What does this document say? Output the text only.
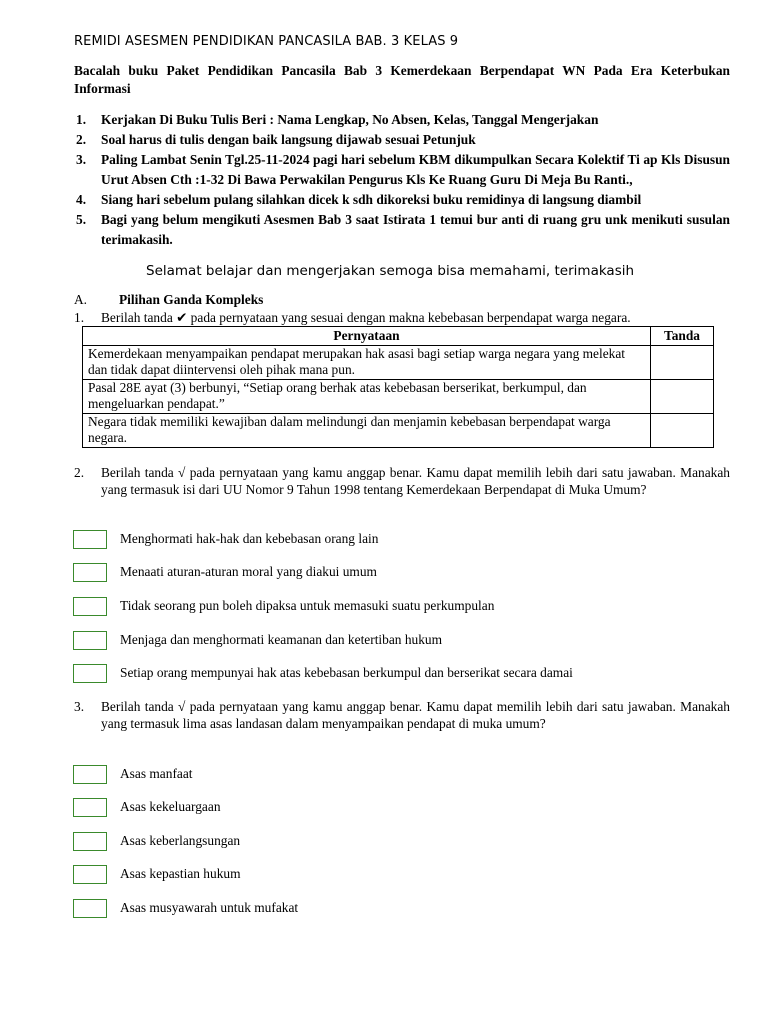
REMIDI ASESMEN PENDIDIKAN PANCASILA BAB. 3 KELAS 9
Bacalah buku Paket Pendidikan Pancasila Bab 3 Kemerdekaan Berpendapat WN Pada Era Keterbukan Informasi
1. Kerjakan Di Buku Tulis Beri : Nama Lengkap, No Absen, Kelas, Tanggal Mengerjakan
2. Soal harus di tulis dengan baik langsung dijawab sesuai Petunjuk
3. Paling Lambat Senin Tgl.25-11-2024 pagi hari sebelum KBM dikumpulkan Secara Kolektif Ti ap Kls Disusun Urut Absen Cth :1-32 Di Bawa Perwakilan Pengurus Kls Ke Ruang Guru Di Meja Bu Ranti.,
4. Siang hari sebelum pulang silahkan dicek k sdh dikoreksi buku remidinya di langsung diambil
5. Bagi yang belum mengikuti Asesmen Bab 3 saat Istirata 1 temui bur anti di ruang gru unk menikuti susulan terimakasih.
Selamat belajar dan mengerjakan semoga bisa memahami, terimakasih
A. Pilihan Ganda Kompleks
1. Berilah tanda ✔ pada pernyataan yang sesuai dengan makna kebebasan berpendapat warga negara.
Pernyataan	Tanda
Kemerdekaan menyampaikan pendapat merupakan hak asasi bagi setiap warga negara yang melekat dan tidak dapat diintervensi oleh pihak mana pun.	
Pasal 28E ayat (3) berbunyi, “Setiap orang berhak atas kebebasan berserikat, berkumpul, dan mengeluarkan pendapat.”	
Negara tidak memiliki kewajiban dalam melindungi dan menjamin kebebasan berpendapat warga negara.	
2. Berilah tanda √ pada pernyataan yang kamu anggap benar. Kamu dapat memilih lebih dari satu jawaban. Manakah yang termasuk isi dari UU Nomor 9 Tahun 1998 tentang Kemerdekaan Berpendapat di Muka Umum?
Menghormati hak-hak dan kebebasan orang lain
Menaati aturan-aturan moral yang diakui umum
Tidak seorang pun boleh dipaksa untuk memasuki suatu perkumpulan
Menjaga dan menghormati keamanan dan ketertiban hukum
Setiap orang mempunyai hak atas kebebasan berkumpul dan berserikat secara damai
3. Berilah tanda √ pada pernyataan yang kamu anggap benar. Kamu dapat memilih lebih dari satu jawaban. Manakah yang termasuk lima asas landasan dalam menyampaikan pendapat di muka umum?
Asas manfaat
Asas kekeluargaan
Asas keberlangsungan
Asas kepastian hukum
Asas musyawarah untuk mufakat
